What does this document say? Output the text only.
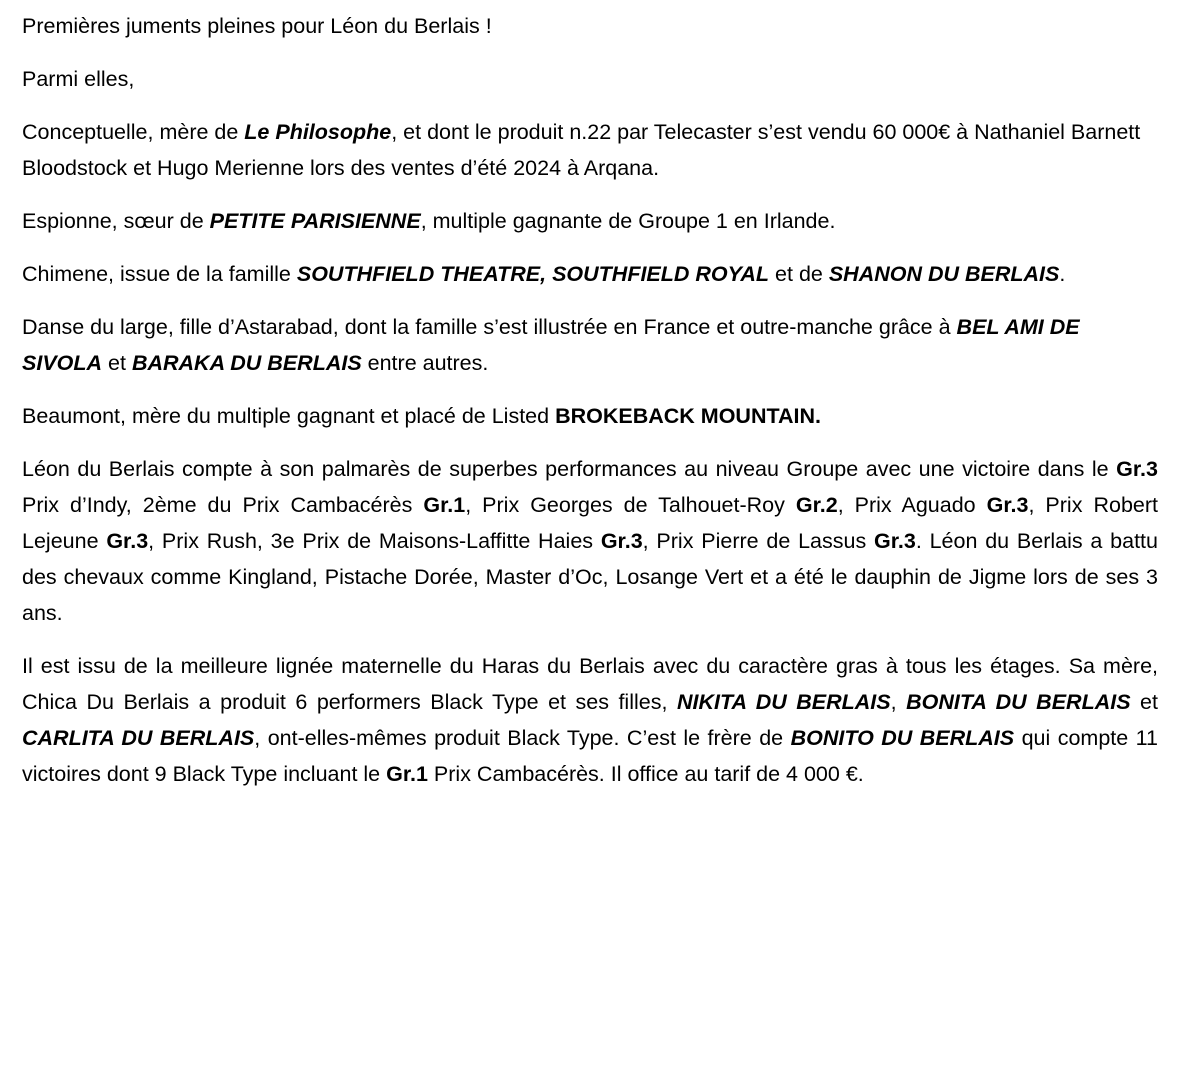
Premières juments pleines pour Léon du Berlais !

Parmi elles,

Conceptuelle, mère de Le Philosophe, et dont le produit n.22 par Telecaster s’est vendu 60 000€ à Nathaniel Barnett Bloodstock et Hugo Merienne lors des ventes d’été 2024 à Arqana.

Espionne, sœur de PETITE PARISIENNE, multiple gagnante de Groupe 1 en Irlande.

Chimene, issue de la famille SOUTHFIELD THEATRE, SOUTHFIELD ROYAL et de SHANON DU BERLAIS.

Danse du large, fille d’Astarabad, dont la famille s’est illustrée en France et outre-manche grâce à BEL AMI DE SIVOLA et BARAKA DU BERLAIS entre autres.

Beaumont, mère du multiple gagnant et placé de Listed BROKEBACK MOUNTAIN.

Léon du Berlais compte à son palmarès de superbes performances au niveau Groupe avec une victoire dans le Gr.3 Prix d’Indy, 2ème du Prix Cambacérès Gr.1, Prix Georges de Talhouet-Roy Gr.2, Prix Aguado Gr.3, Prix Robert Lejeune Gr.3, Prix Rush, 3e Prix de Maisons-Laffitte Haies Gr.3, Prix Pierre de Lassus Gr.3. Léon du Berlais a battu des chevaux comme Kingland, Pistache Dorée, Master d’Oc, Losange Vert et a été le dauphin de Jigme lors de ses 3 ans.

Il est issu de la meilleure lignée maternelle du Haras du Berlais avec du caractère gras à tous les étages. Sa mère, Chica Du Berlais a produit 6 performers Black Type et ses filles, NIKITA DU BERLAIS, BONITA DU BERLAIS et CARLITA DU BERLAIS, ont-elles-mêmes produit Black Type. C’est le frère de BONITO DU BERLAIS qui compte 11 victoires dont 9 Black Type incluant le Gr.1 Prix Cambacérès. Il office au tarif de 4 000 €.
